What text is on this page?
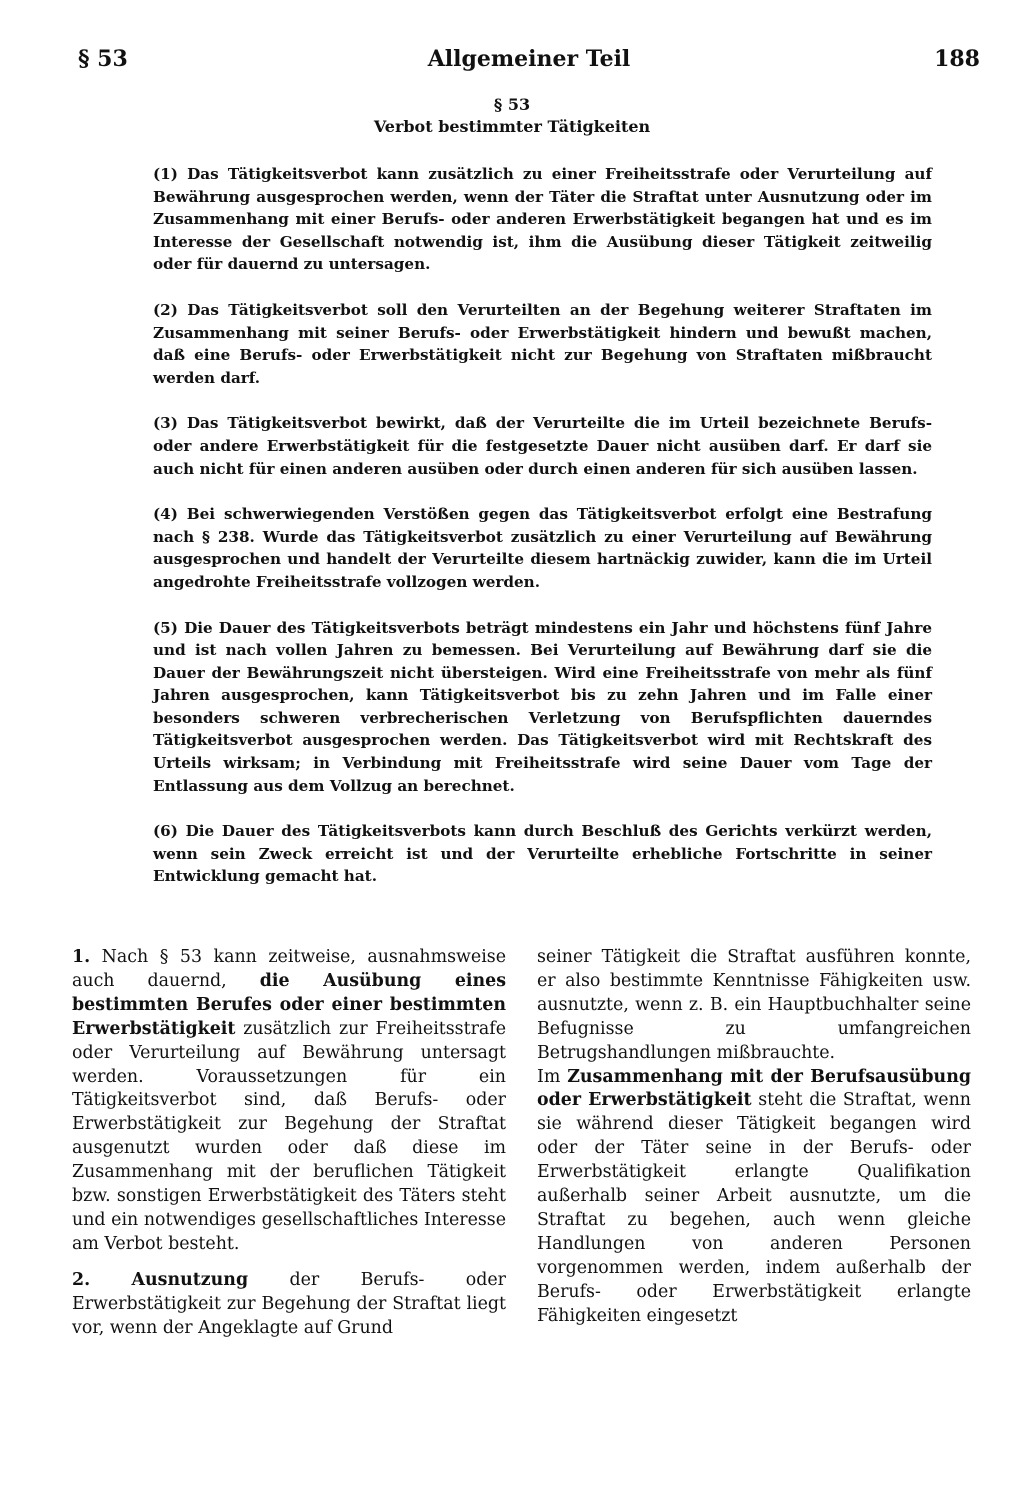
§ 53	Allgemeiner Teil	188
§ 53
Verbot bestimmter Tätigkeiten

(1) Das Tätigkeitsverbot kann zusätzlich zu einer Freiheitsstrafe oder Verurteilung auf Bewährung ausgesprochen werden, wenn der Täter die Straftat unter Ausnutzung oder im Zusammenhang mit einer Berufs- oder anderen Erwerbstätigkeit begangen hat und es im Interesse der Gesellschaft notwendig ist, ihm die Ausübung dieser Tätigkeit zeitweilig oder für dauernd zu untersagen.

(2) Das Tätigkeitsverbot soll den Verurteilten an der Begehung weiterer Straftaten im Zusammenhang mit seiner Berufs- oder Erwerbstätigkeit hindern und bewußt machen, daß eine Berufs- oder Erwerbstätigkeit nicht zur Begehung von Straftaten mißbraucht werden darf.

(3) Das Tätigkeitsverbot bewirkt, daß der Verurteilte die im Urteil bezeichnete Berufs- oder andere Erwerbstätigkeit für die festgesetzte Dauer nicht ausüben darf. Er darf sie auch nicht für einen anderen ausüben oder durch einen anderen für sich ausüben lassen.

(4) Bei schwerwiegenden Verstößen gegen das Tätigkeitsverbot erfolgt eine Bestrafung nach § 238. Wurde das Tätigkeitsverbot zusätzlich zu einer Verurteilung auf Bewährung ausgesprochen und handelt der Verurteilte diesem hartnäckig zuwider, kann die im Urteil angedrohte Freiheitsstrafe vollzogen werden.

(5) Die Dauer des Tätigkeitsverbots beträgt mindestens ein Jahr und höchstens fünf Jahre und ist nach vollen Jahren zu bemessen. Bei Verurteilung auf Bewährung darf sie die Dauer der Bewährungszeit nicht übersteigen. Wird eine Freiheitsstrafe von mehr als fünf Jahren ausgesprochen, kann Tätigkeitsverbot bis zu zehn Jahren und im Falle einer besonders schweren verbrecherischen Verletzung von Berufspflichten dauerndes Tätigkeitsverbot ausgesprochen werden. Das Tätigkeitsverbot wird mit Rechtskraft des Urteils wirksam; in Verbindung mit Freiheitsstrafe wird seine Dauer vom Tage der Entlassung aus dem Vollzug an berechnet.

(6) Die Dauer des Tätigkeitsverbots kann durch Beschluß des Gerichts verkürzt werden, wenn sein Zweck erreicht ist und der Verurteilte erhebliche Fortschritte in seiner Entwicklung gemacht hat.

1. Nach § 53 kann zeitweise, ausnahmsweise auch dauernd, die Ausübung eines bestimmten Berufes oder einer bestimmten Erwerbstätigkeit zusätzlich zur Freiheitsstrafe oder Verurteilung auf Bewährung untersagt werden. Voraussetzungen für ein Tätigkeitsverbot sind, daß Berufs- oder Erwerbstätigkeit zur Begehung der Straftat ausgenutzt wurden oder daß diese im Zusammenhang mit der beruflichen Tätigkeit bzw. sonstigen Erwerbstätigkeit des Täters steht und ein notwendiges gesellschaftliches Interesse am Verbot besteht.

2. Ausnutzung der Berufs- oder Erwerbstätigkeit zur Begehung der Straftat liegt vor, wenn der Angeklagte auf Grund

seiner Tätigkeit die Straftat ausführen konnte, er also bestimmte Kenntnisse Fähigkeiten usw. ausnutzte, wenn z. B. ein Hauptbuchhalter seine Befugnisse zu umfangreichen Betrugshandlungen mißbrauchte.

Im Zusammenhang mit der Berufsausübung oder Erwerbstätigkeit steht die Straftat, wenn sie während dieser Tätigkeit begangen wird oder der Täter seine in der Berufs- oder Erwerbstätigkeit erlangte Qualifikation außerhalb seiner Arbeit ausnutzte, um die Straftat zu begehen, auch wenn gleiche Handlungen von anderen Personen vorgenommen werden, indem außerhalb der Berufs- oder Erwerbstätigkeit erlangte Fähigkeiten eingesetzt
